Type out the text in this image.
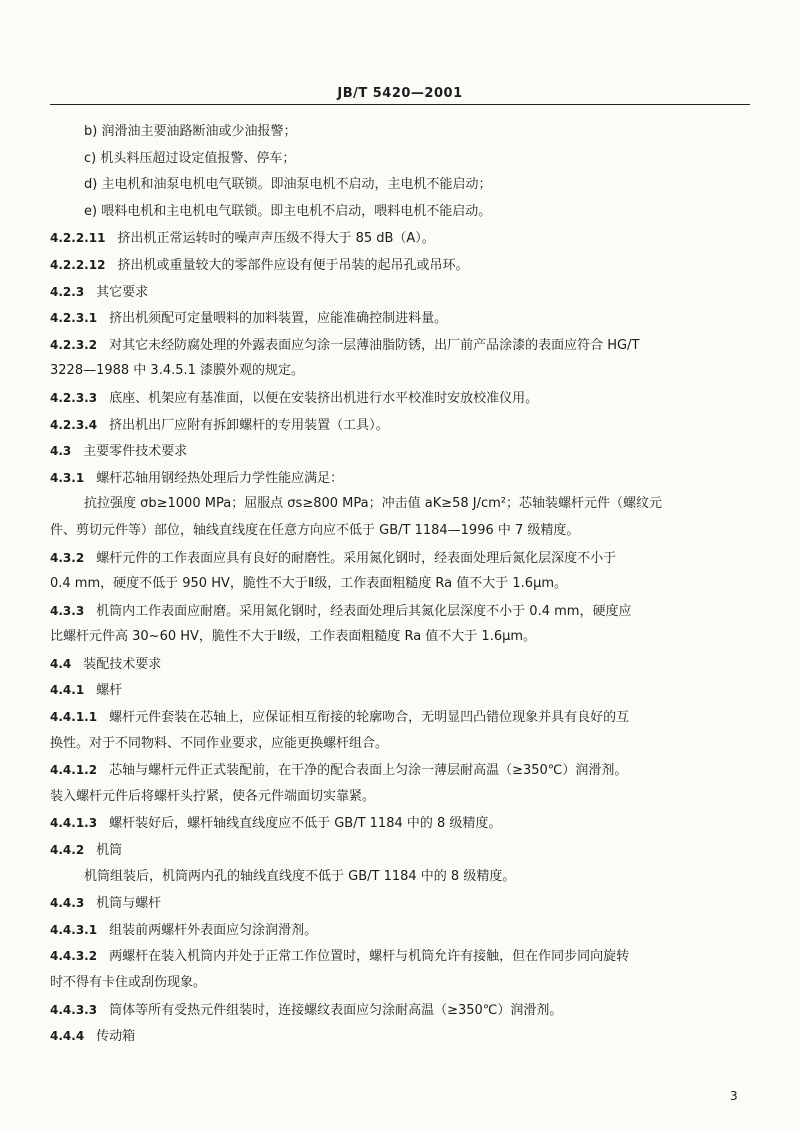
JB/T 5420—2001
b) 润滑油主要油路断油或少油报警；
c) 机头料压超过设定值报警、停车；
d) 主电机和油泵电机电气联锁。即油泵电机不启动，主电机不能启动；
e) 喂料电机和主电机电气联锁。即主电机不启动，喂料电机不能启动。
4.2.2.11 挤出机正常运转时的噪声声压级不得大于 85 dB（A）。
4.2.2.12 挤出机或重量较大的零部件应设有便于吊装的起吊孔或吊环。
4.2.3 其它要求
4.2.3.1 挤出机须配可定量喂料的加料装置，应能准确控制进料量。
4.2.3.2 对其它未经防腐处理的外露表面应匀涂一层薄油脂防锈，出厂前产品涂漆的表面应符合 HG/T
3228—1988 中 3.4.5.1 漆膜外观的规定。
4.2.3.3 底座、机架应有基准面，以便在安装挤出机进行水平校准时安放校准仪用。
4.2.3.4 挤出机出厂应附有拆卸螺杆的专用装置（工具）。
4.3 主要零件技术要求
4.3.1 螺杆芯轴用钢经热处理后力学性能应满足：
抗拉强度 σb≥1000 MPa；屈服点 σs≥800 MPa；冲击值 aK≥58 J/cm²；芯轴装螺杆元件（螺纹元
件、剪切元件等）部位，轴线直线度在任意方向应不低于 GB/T 1184—1996 中 7 级精度。
4.3.2 螺杆元件的工作表面应具有良好的耐磨性。采用氮化钢时，经表面处理后氮化层深度不小于
0.4 mm，硬度不低于 950 HV，脆性不大于Ⅱ级，工作表面粗糙度 Ra 值不大于 1.6μm。
4.3.3 机筒内工作表面应耐磨。采用氮化钢时，经表面处理后其氮化层深度不小于 0.4 mm，硬度应
比螺杆元件高 30~60 HV，脆性不大于Ⅱ级，工作表面粗糙度 Ra 值不大于 1.6μm。
4.4 装配技术要求
4.4.1 螺杆
4.4.1.1 螺杆元件套装在芯轴上，应保证相互衔接的轮廓吻合，无明显凹凸错位现象并具有良好的互
换性。对于不同物料、不同作业要求，应能更换螺杆组合。
4.4.1.2 芯轴与螺杆元件正式装配前，在干净的配合表面上匀涂一薄层耐高温（≥350℃）润滑剂。
装入螺杆元件后将螺杆头拧紧，使各元件端面切实靠紧。
4.4.1.3 螺杆装好后，螺杆轴线直线度应不低于 GB/T 1184 中的 8 级精度。
4.4.2 机筒
机筒组装后，机筒两内孔的轴线直线度不低于 GB/T 1184 中的 8 级精度。
4.4.3 机筒与螺杆
4.4.3.1 组装前两螺杆外表面应匀涂润滑剂。
4.4.3.2 两螺杆在装入机筒内并处于正常工作位置时，螺杆与机筒允许有接触，但在作同步同向旋转
时不得有卡住或刮伤现象。
4.4.3.3 筒体等所有受热元件组装时，连接螺纹表面应匀涂耐高温（≥350℃）润滑剂。
4.4.4 传动箱
3
